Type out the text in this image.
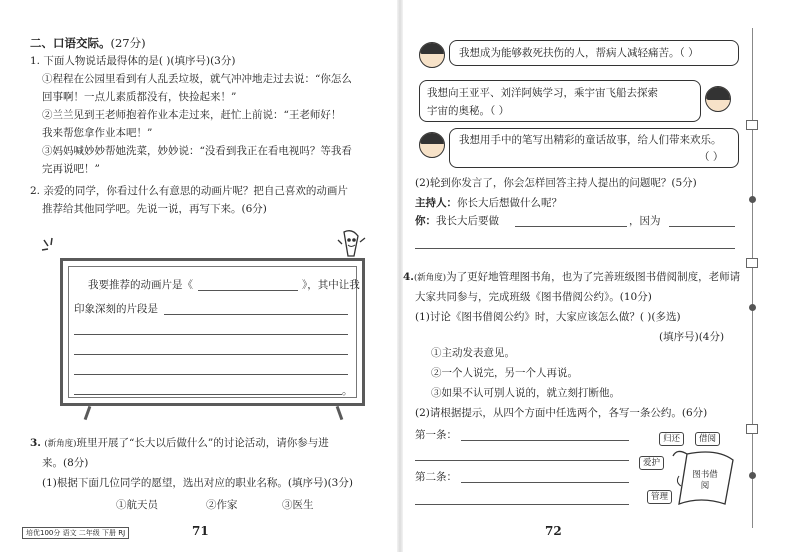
二、口语交际。(27分)
1. 下面人物说话最得体的是( )(填序号)(3分)
①程程在公园里看到有人乱丢垃圾，就气冲冲地走过去说：“你怎么
回事啊！一点儿素质都没有，快捡起来！”
②兰兰见到王老师抱着作业本走过来，赶忙上前说：“王老师好！
我来帮您拿作业本吧！”
③妈妈喊妙妙帮她洗菜，妙妙说：“没看到我正在看电视吗？等我看
完再说吧！”
2. 亲爱的同学，你看过什么有意思的动画片呢？把自己喜欢的动画片
推荐给其他同学吧。先说一说，再写下来。(6分)
我要推荐的动画片是《	》，其中让我
印象深刻的片段是
。
3. (新角度)班里开展了“长大以后做什么”的讨论活动，请你参与进
来。(8分)
(1)根据下面几位同学的愿望，选出对应的职业名称。(填序号)(3分)
①航天员	②作家	③医生
培优100分 语文 二年级 下册 RJ	71
我想成为能够救死扶伤的人，帮病人减轻痛苦。（ ）
我想向王亚平、刘洋阿姨学习，乘宇宙飞船去探索
宇宙的奥秘。（ ）
我想用手中的笔写出精彩的童话故事，给人们带来欢乐。
（ ）
(2)轮到你发言了，你会怎样回答主持人提出的问题呢？(5分)
主持人：你长大后想做什么呢？
你：我长大后要做	，因为
4.(新角度)为了更好地管理图书角，也为了完善班级图书借阅制度，老师请
大家共同参与，完成班级《图书借阅公约》。(10分)
(1)讨论《图书借阅公约》时，大家应该怎么做？( )(多选)
(填序号)(4分)
①主动发表意见。
②一个人说完，另一个人再说。
③如果不认可别人说的，就立刻打断他。
(2)请根据提示，从四个方面中任选两个，各写一条公约。(6分)
第一条：
第二条：
归还	借阅
爱护
管理
图书借阅
72
